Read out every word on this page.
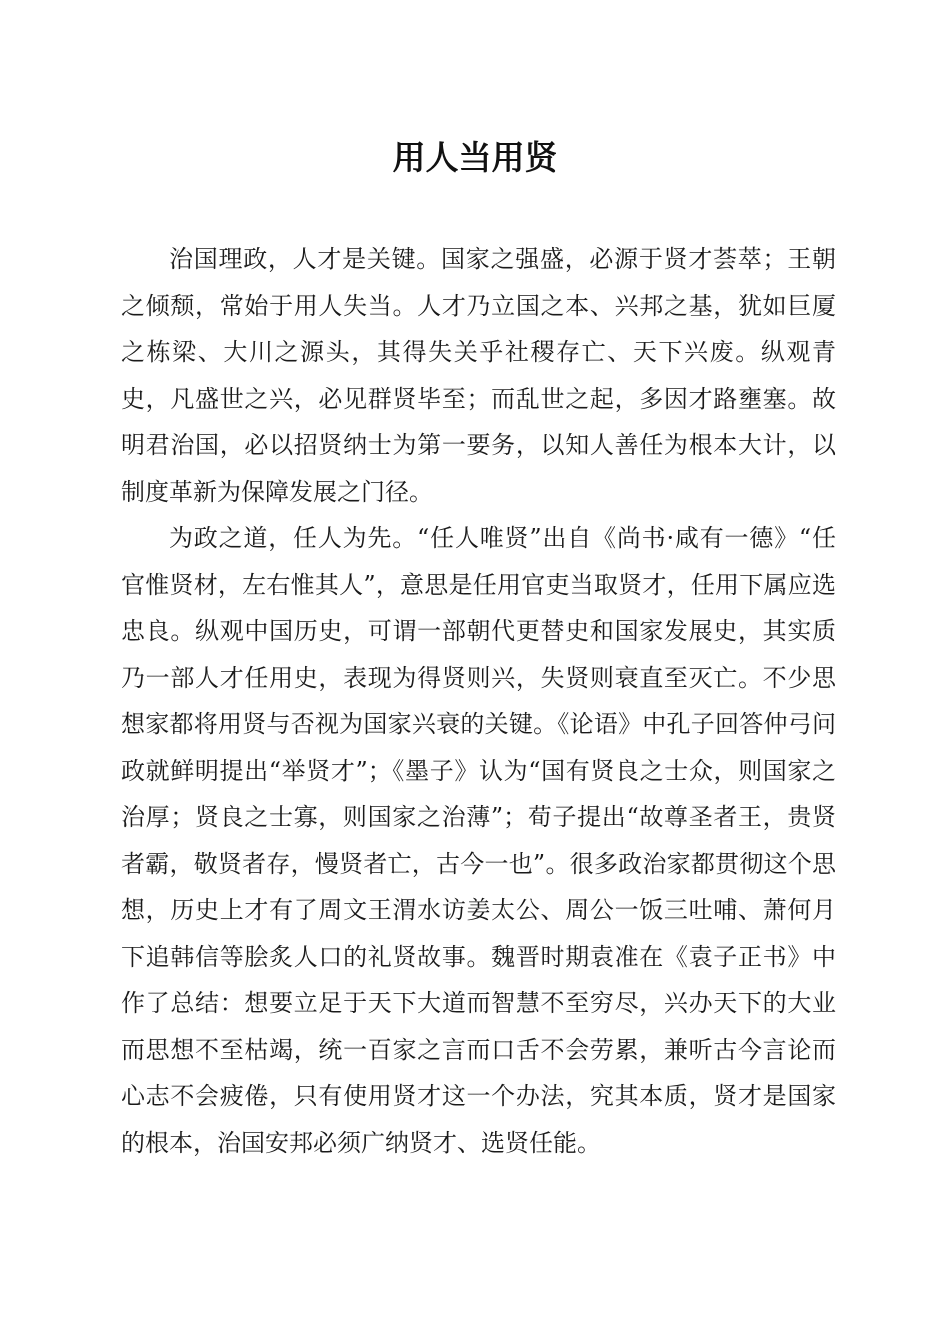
用人当用贤

治国理政，人才是关键。国家之强盛，必源于贤才荟萃；王朝之倾颓，常始于用人失当。人才乃立国之本、兴邦之基，犹如巨厦之栋梁、大川之源头，其得失关乎社稷存亡、天下兴废。纵观青史，凡盛世之兴，必见群贤毕至；而乱世之起，多因才路壅塞。故明君治国，必以招贤纳士为第一要务，以知人善任为根本大计，以制度革新为保障发展之门径。

为政之道，任人为先。“任人唯贤”出自《尚书·咸有一德》“任官惟贤材，左右惟其人”，意思是任用官吏当取贤才，任用下属应选忠良。纵观中国历史，可谓一部朝代更替史和国家发展史，其实质乃一部人才任用史，表现为得贤则兴，失贤则衰直至灭亡。不少思想家都将用贤与否视为国家兴衰的关键。《论语》中孔子回答仲弓问政就鲜明提出“举贤才”；《墨子》认为“国有贤良之士众，则国家之治厚；贤良之士寡，则国家之治薄”；荀子提出“故尊圣者王，贵贤者霸，敬贤者存，慢贤者亡，古今一也”。很多政治家都贯彻这个思想，历史上才有了周文王渭水访姜太公、周公一饭三吐哺、萧何月下追韩信等脍炙人口的礼贤故事。魏晋时期袁准在《袁子正书》中作了总结：想要立足于天下大道而智慧不至穷尽，兴办天下的大业而思想不至枯竭，统一百家之言而口舌不会劳累，兼听古今言论而心志不会疲倦，只有使用贤才这一个办法，究其本质，贤才是国家的根本，治国安邦必须广纳贤才、选贤任能。
